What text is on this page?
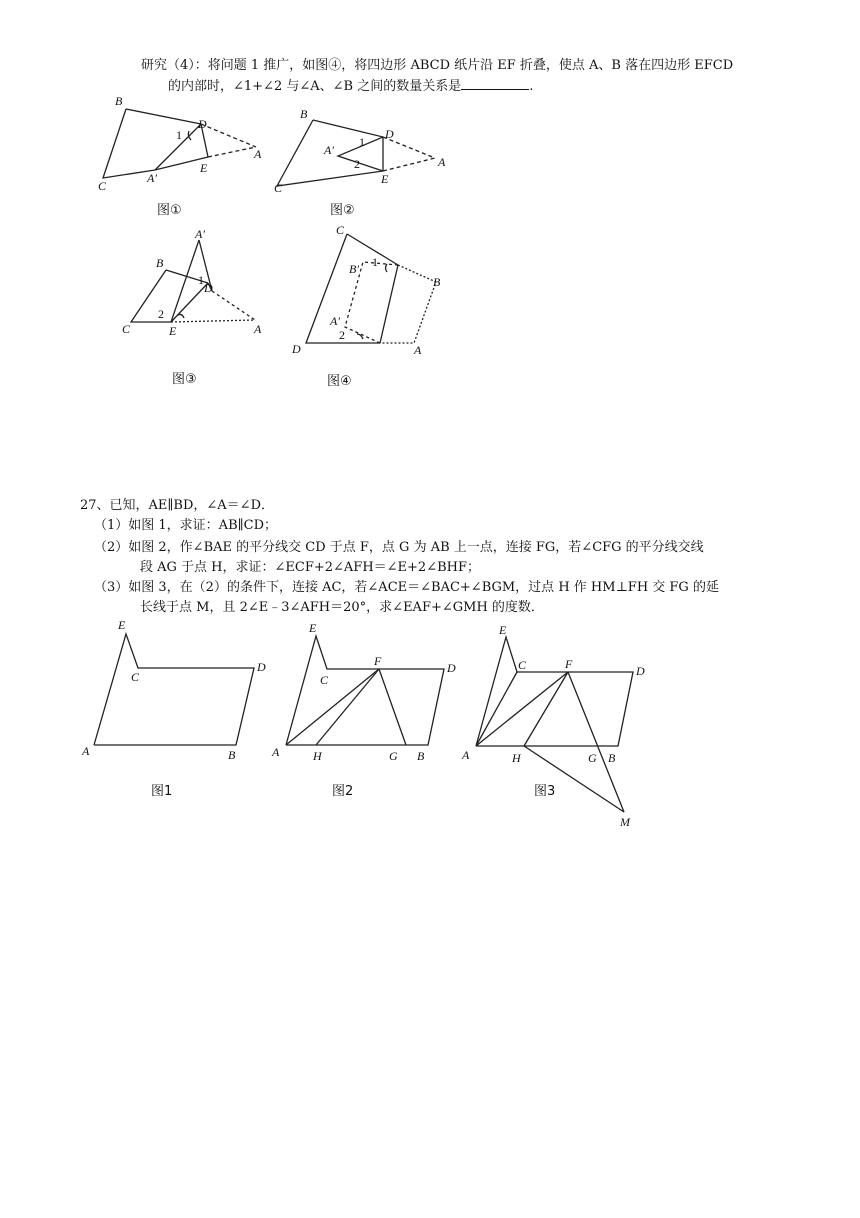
研究（4）：将问题 1 推广，如图④，将四边形 ABCD 纸片沿 EF 折叠，使点 A、B 落在四边形 EFCD
的内部时，∠1+∠2 与∠A、∠B 之间的数量关系是	.
B
C
D
E
A
A′
1
B
C
D
E
A
A′
1
2
B
C
D
E	A
A′
1
2
C
D
B
A
B′
A′
1
2
E
C
D
A	B
E
C
F	D
A	H	G B
E
C	F	D
A	H	G B
M
图①	图②
图③	图④
27、已知，AE∥BD，∠A＝∠D．
（1）如图 1，求证：AB∥CD；
（2）如图 2，作∠BAE 的平分线交 CD 于点 F，点 G 为 AB 上一点，连接 FG，若∠CFG 的平分线交线
段 AG 于点 H，求证：∠ECF+2∠AFH＝∠E+2∠BHF；
（3）如图 3，在（2）的条件下，连接 AC，若∠ACE＝∠BAC+∠BGM，过点 H 作 HM⊥FH 交 FG 的延
长线于点 M，且 2∠E﹣3∠AFH＝20°，求∠EAF+∠GMH 的度数．
图1	图2	图3
